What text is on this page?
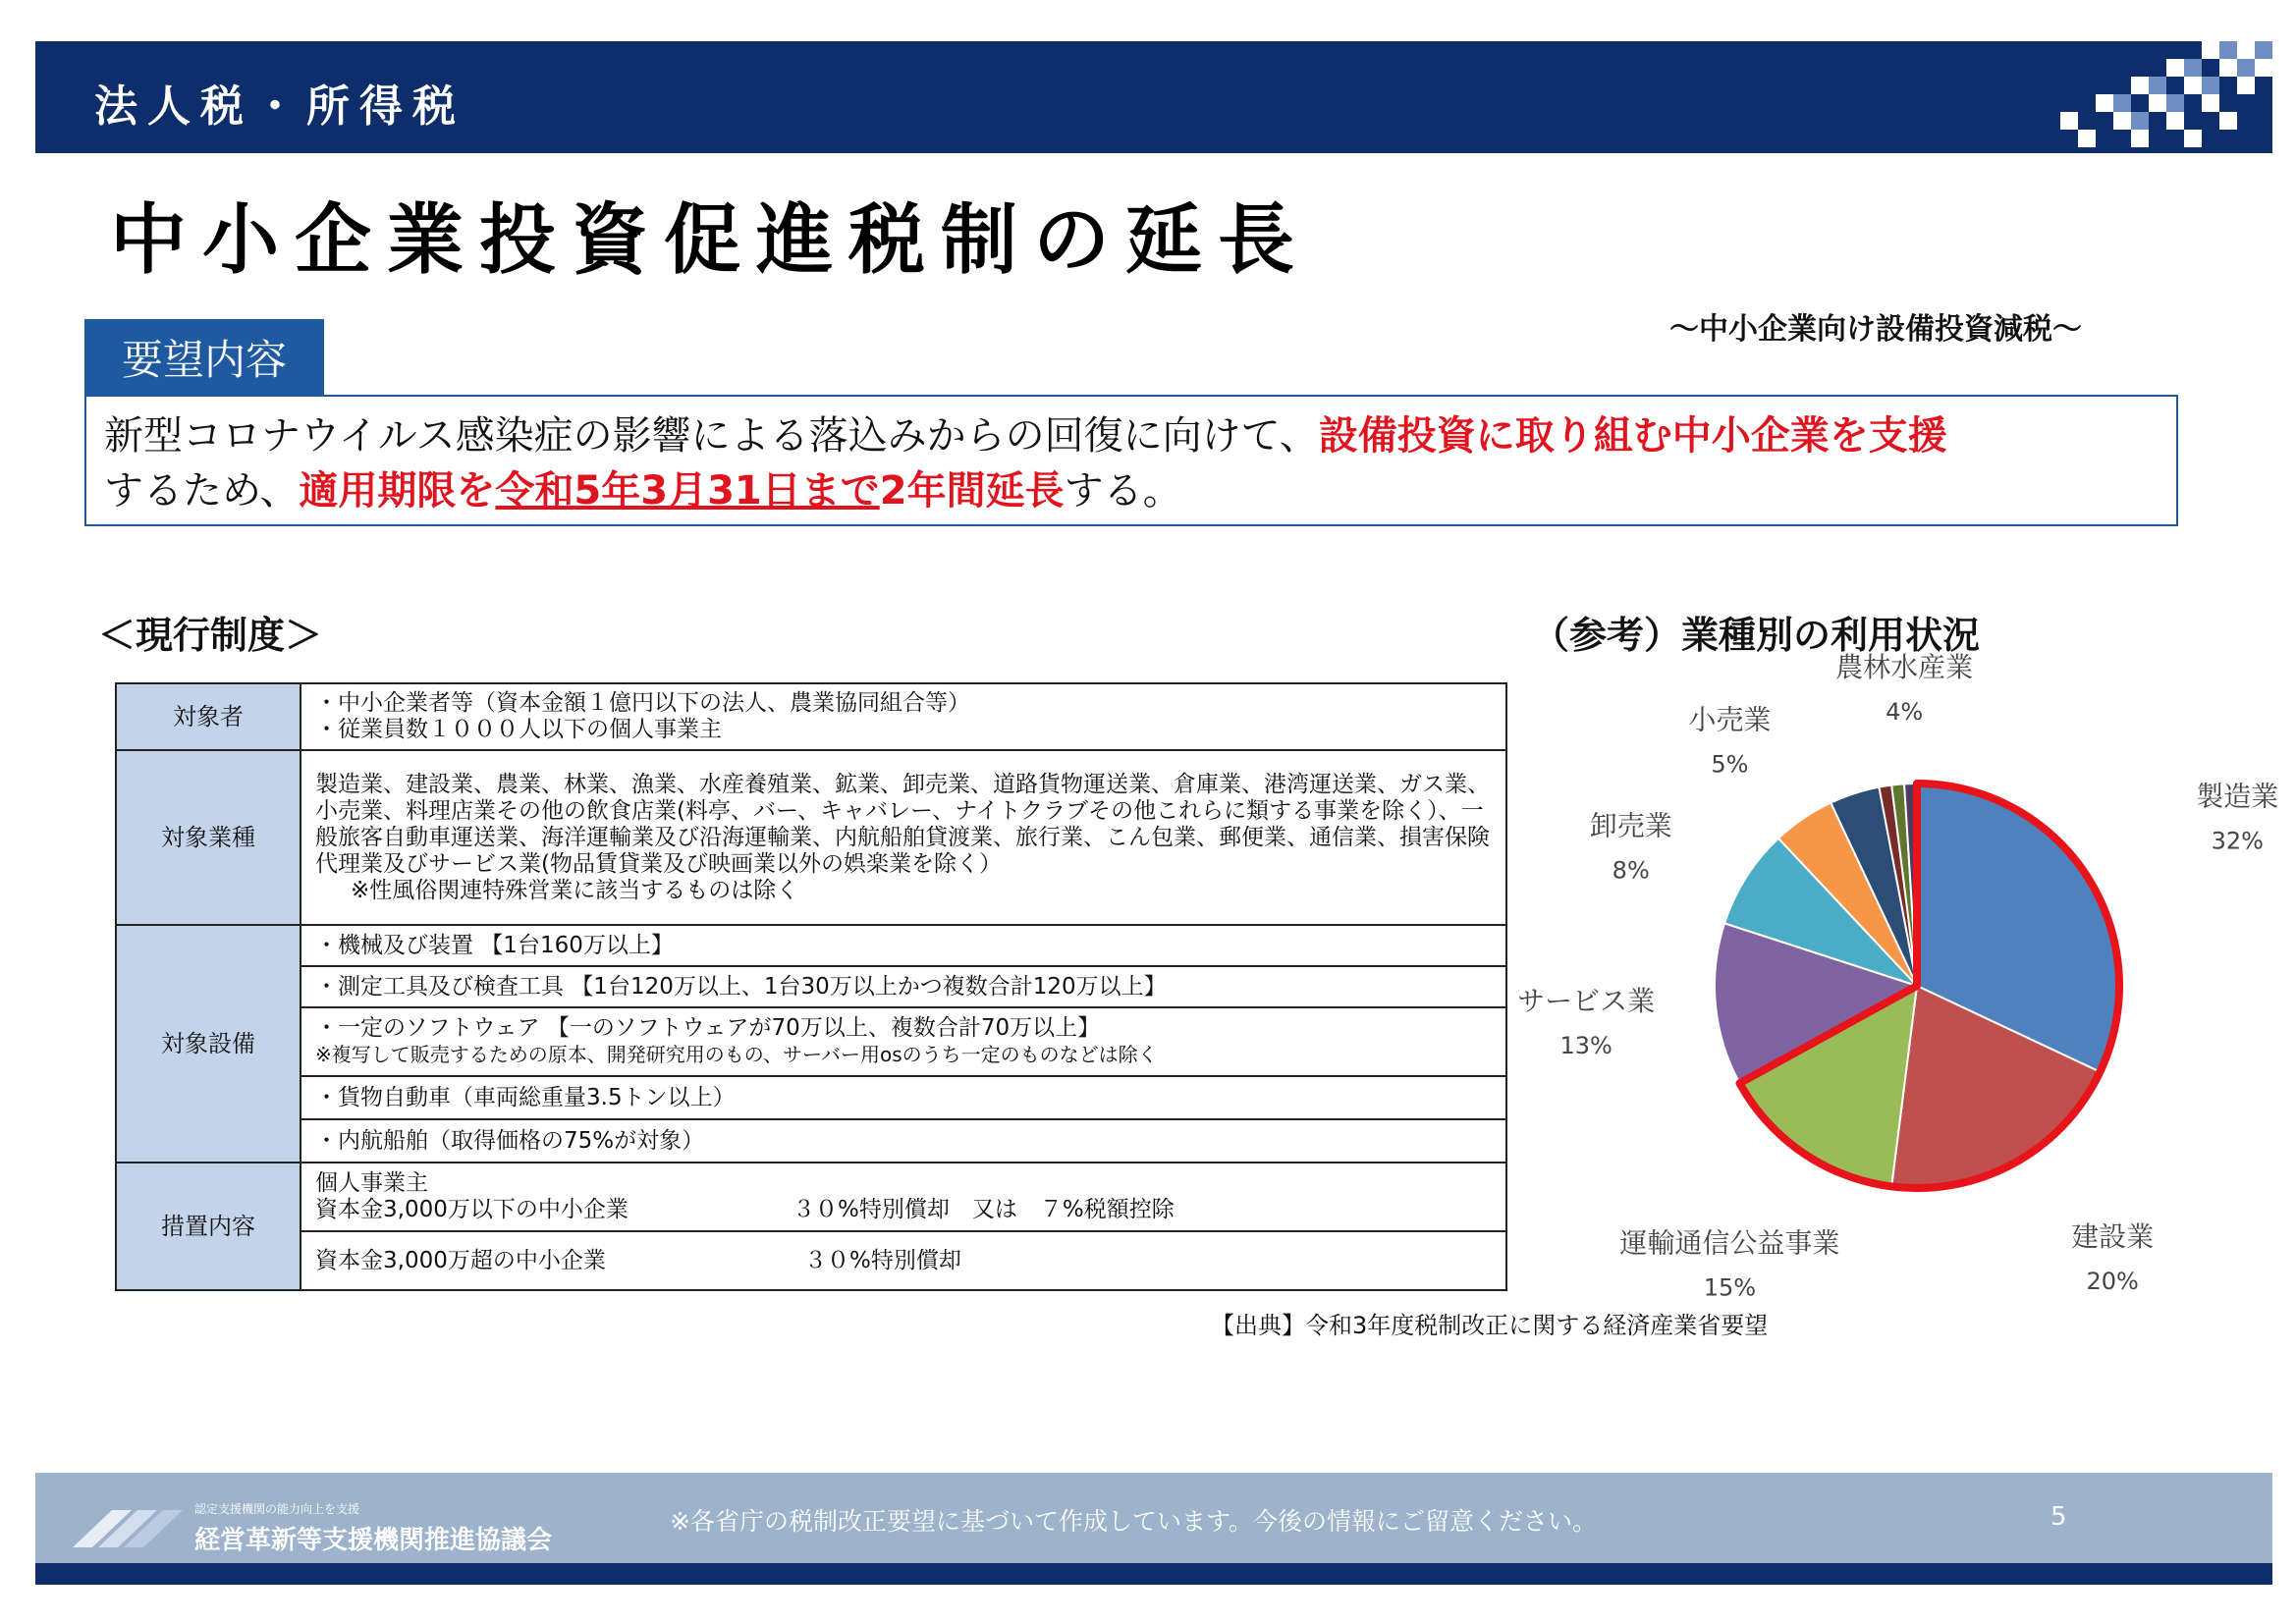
法人税・所得税
中小企業投資促進税制の延長
～中小企業向け設備投資減税～
要望内容
新型コロナウイルス感染症の影響による落込みからの回復に向けて、設備投資に取り組む中小企業を支援
するため、適用期限を令和5年3月31日まで2年間延長する。
＜現行制度＞	（参考）業種別の利用状況
対象者	・中小企業者等（資本金額１億円以下の法人、農業協同組合等）
・従業員数１０００人以下の個人事業主

対象業種	製造業、建設業、農業、林業、漁業、水産養殖業、鉱業、卸売業、道路貨物運送業、倉庫業、港湾運送業、ガス業、小売業、料理店業その他の飲食店業(料亭、バー、キャバレー、ナイトクラブその他これらに類する事業を除く）、一般旅客自動車運送業、海洋運輸業及び沿海運輸業、内航船舶貸渡業、旅行業、こん包業、郵便業、通信業、損害保険代理業及びサービス業(物品賃貸業及び映画業以外の娯楽業を除く）
※性風俗関連特殊営業に該当するものは除く

対象設備	・機械及び装置 【1台160万以上】
	・測定工具及び検査工具 【1台120万以上、1台30万以上かつ複数合計120万以上】

	・一定のソフトウェア 【一のソフトウェアが70万以上、複数合計70万以上】
※複写して販売するための原本、開発研究用のもの、サーバー用osのうち一定のものなどは除く

	・貨物自動車（車両総重量3.5トン以上）
	・内航船舶（取得価格の75%が対象）
措置内容	個人事業主
資本金3,000万以下の中小企業 ３０%特別償却　又は　７%税額控除

	資本金3,000万超の中小企業 ３０%特別償却
製造業
32%
建設業
20%
運輸通信公益事業
15%
サービス業
13%
卸売業
8%
小売業
5%
農林水産業
4%
【出典】令和3年度税制改正に関する経済産業省要望
認定支援機関の能力向上を支援
経営革新等支援機関推進協議会
※各省庁の税制改正要望に基づいて作成しています。今後の情報にご留意ください。	5
